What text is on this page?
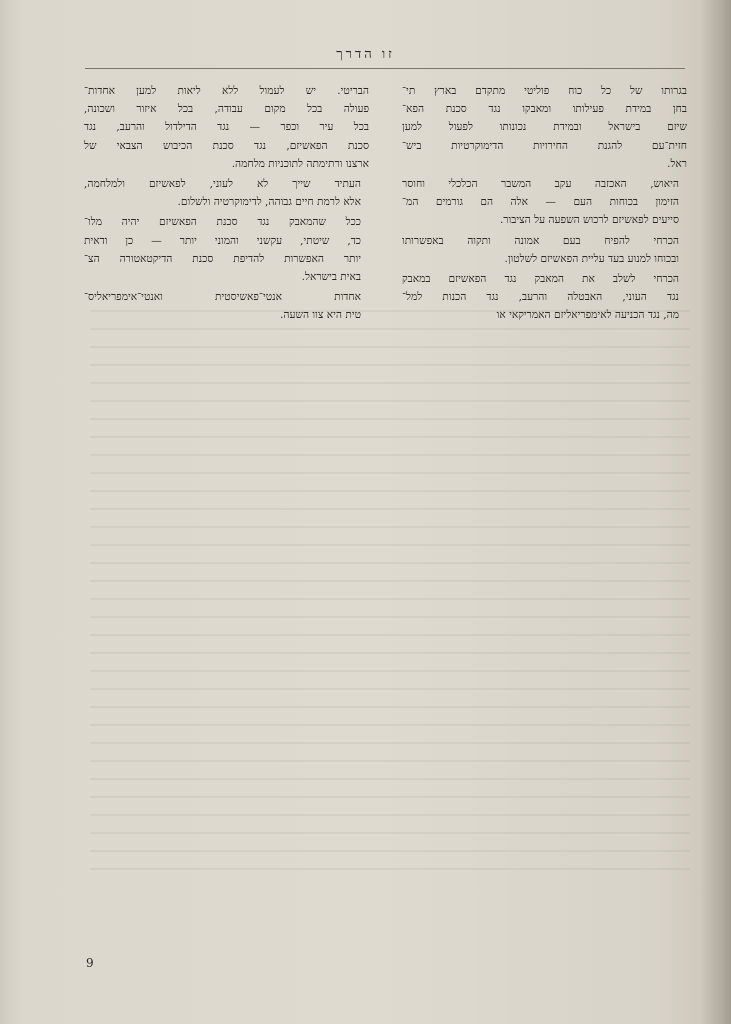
זו הדרך

בגרותו של כל כוח פוליטי מתקדם בארץ תי־
בחן במידת פעילותו ומאבקו נגד סכנת הפא־
שיזם בישראל ובמידת נכונותו לפעול למען
חזית־עם להגנת החירויות הדימוקרטיות ביש־
ראל.

היאוש, האכזבה עקב המשבר הכלכלי וחוסר
הזימון בכוחות העם — אלה הם גורמים המ־
סייעים לפאשיזם לרכוש השפעה על הציבור.

הכרחי להפיח בעם אמונה ותקוה באפשרותו
ובכוחו למנוע בעד עליית הפאשיזם לשלטון.

הכרחי לשלב את המאבק נגד הפאשיזם במאבק
נגד העוני, האבטלה והרעב, נגד הכנות למל־
מה, נגד הכניעה לאימפריאליזם האמריקאי או

הבריטי. יש לעמול ללא ליאות למען אחדות־
פעולה בכל מקום עבודה, בכל איזור ושכונה,
בכל עיר וכפר — נגד הדילדול והרעב, נגד
סכנת הפאשיזם, נגד סכנת הכיבוש הצבאי של
ארצנו ורתימתה לתוכניות מלחמה.

העתיד שייך לא לעוני, לפאשיזם ולמלחמה,
אלא לרמת חיים גבוהה, לדימוקרטיה ולשלום.

ככל שהמאבק נגד סכנת הפאשיזם יהיה מלו־
כד, שיטתי, עקשני והמוני יותר — כן ודאית
יותר האפשרות להדיפת סכנת הדיקטאטורה הצ־
באית בישראל.

אחדות אנטי־פאשיסטית ואנטי־אימפריאליס־
טית היא צוו השעה.

9
